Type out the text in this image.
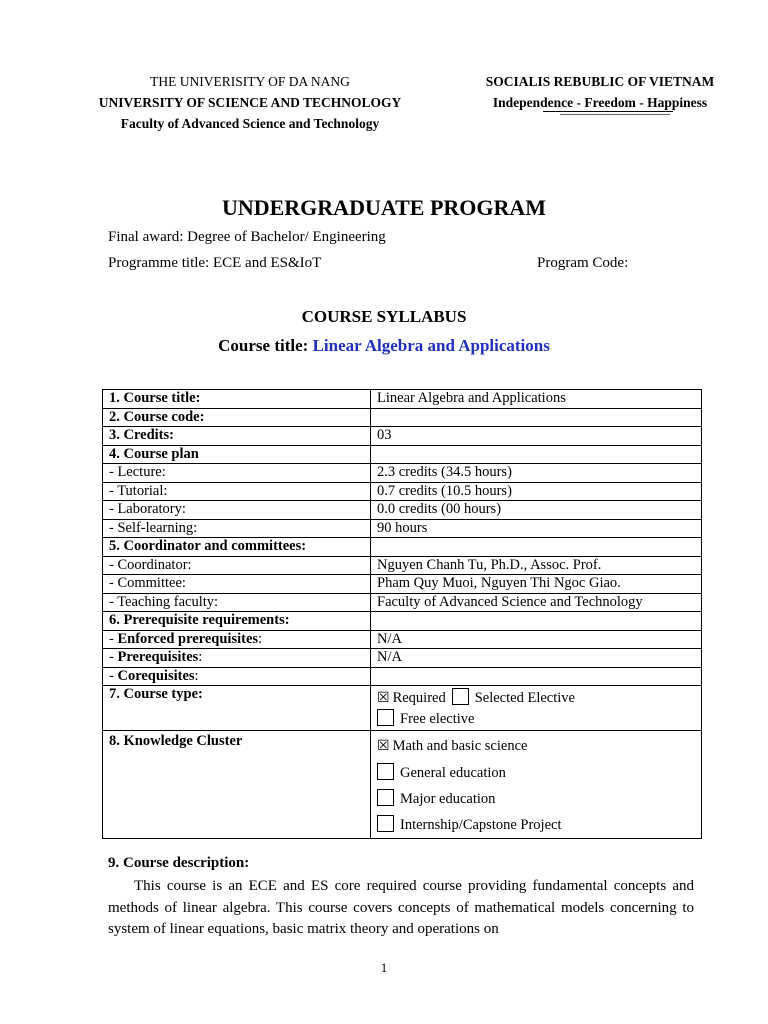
THE UNIVERISITY OF DA NANG
UNIVERSITY OF SCIENCE AND TECHNOLOGY
Faculty of Advanced Science and Technology
SOCIALIS REBUBLIC OF VIETNAM
Independence - Freedom - Happiness
UNDERGRADUATE PROGRAM
Final award: Degree of Bachelor/ Engineering
Programme title: ECE and ES&IoT	Program Code:
COURSE SYLLABUS
Course title: Linear Algebra and Applications
1. Course title:	Linear Algebra and Applications
2. Course code:	
3. Credits:	03
4. Course plan	
- Lecture:	2.3 credits (34.5 hours)
- Tutorial:	0.7 credits (10.5 hours)
- Laboratory:	0.0 credits (00 hours)
- Self-learning:	90 hours
5. Coordinator and committees:	
- Coordinator:	Nguyen Chanh Tu, Ph.D., Assoc. Prof.
- Committee:	Pham Quy Muoi, Nguyen Thi Ngoc Giao.
- Teaching faculty:	Faculty of Advanced Science and Technology
6. Prerequisite requirements:	
- Enforced prerequisites:	N/A
- Prerequisites:	N/A
- Corequisites:	
7. Course type:	☒ Required Selected Elective
Free elective

8. Knowledge Cluster	☒ Math and basic science
General education
Major education
Internship/Capstone Project
9. Course description:

This course is an ECE and ES core required course providing fundamental concepts and methods of linear algebra. This course covers concepts of mathematical models concerning to system of linear equations, basic matrix theory and operations on

1
